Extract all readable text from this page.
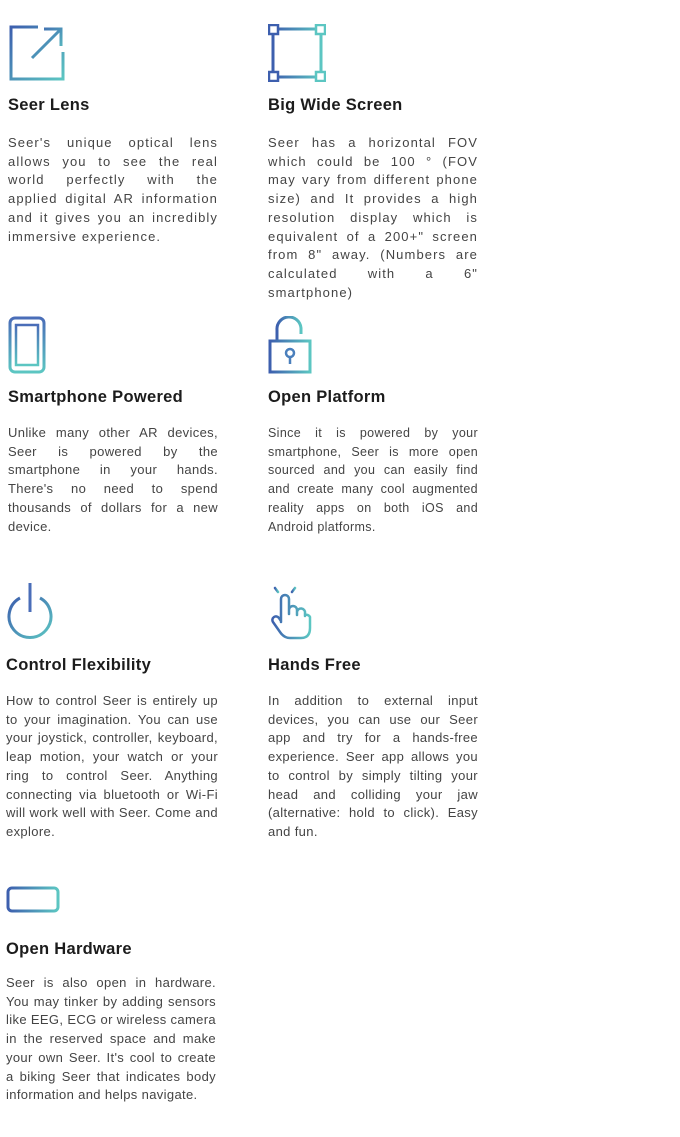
Seer Lens

Seer's unique optical lens allows you to see the real world perfectly with the applied digital AR information and it gives you an incredibly immersive experience.

Big Wide Screen

Seer has a horizontal FOV which could be 100 ° (FOV may vary from different phone size) and It provides a high resolution display which is equivalent of a 200+" screen from 8" away. (Numbers are calculated with a 6" smartphone)

Smartphone Powered

Unlike many other AR devices, Seer is powered by the smartphone in your hands. There's no need to spend thousands of dollars for a new device.

Open Platform

Since it is powered by your smartphone, Seer is more open sourced and you can easily find and create many cool augmented reality apps on both iOS and Android platforms.

Control Flexibility

How to control Seer is entirely up to your imagination. You can use your joystick, controller, keyboard, leap motion, your watch or your ring to control Seer. Anything connecting via bluetooth or Wi-Fi will work well with Seer. Come and explore.

Hands Free

In addition to external input devices, you can use our Seer app and try for a hands-free experience. Seer app allows you to control by simply tilting your head and colliding your jaw (alternative: hold to click). Easy and fun.

Open Hardware

Seer is also open in hardware. You may tinker by adding sensors like EEG, ECG or wireless camera in the reserved space and make your own Seer. It's cool to create a biking Seer that indicates body information and helps navigate.
